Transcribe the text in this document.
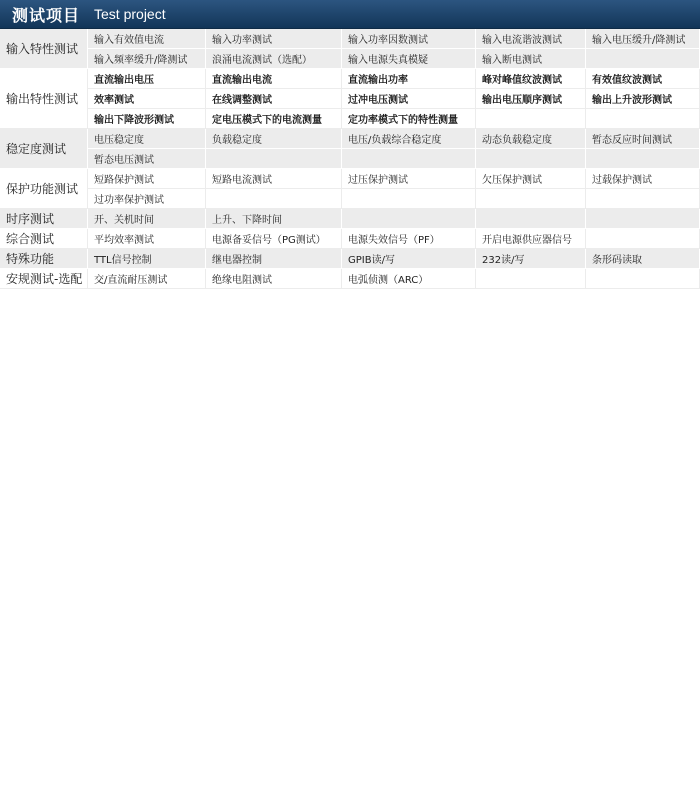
测试项目 Test project
输入特性测试	输入有效值电流	输入功率测试	输入功率因数测试	输入电流谐波测试	输入电压缓升/降测试
	输入频率缓升/降测试	浪涌电流测试（选配）	输入电源失真模疑	输入断电测试	
输出特性测试	直流输出电压	直流输出电流	直流输出功率	峰对峰值纹波测试	有效值纹波测试
	效率测试	在线调整测试	过冲电压测试	输出电压顺序测试	输出上升波形测试
	输出下降波形测试	定电压模式下的电流测量	定功率模式下的特性测量		
稳定度测试	电压稳定度	负载稳定度	电压/负载综合稳定度	动态负载稳定度	暂态反应时间测试
	暂态电压测试				
保护功能测试	短路保护测试	短路电流测试	过压保护测试	欠压保护测试	过载保护测试
	过功率保护测试				
时序测试	开、关机时间	上升、下降时间			
综合测试	平均效率测试	电源备妥信号（PG测试）	电源失效信号（PF）	开启电源供应器信号	
特殊功能	TTL信号控制	继电器控制	GPIB读/写	232读/写	条形码读取
安规测试-选配	交/直流耐压测试	绝缘电阻测试	电弧侦测（ARC）		
